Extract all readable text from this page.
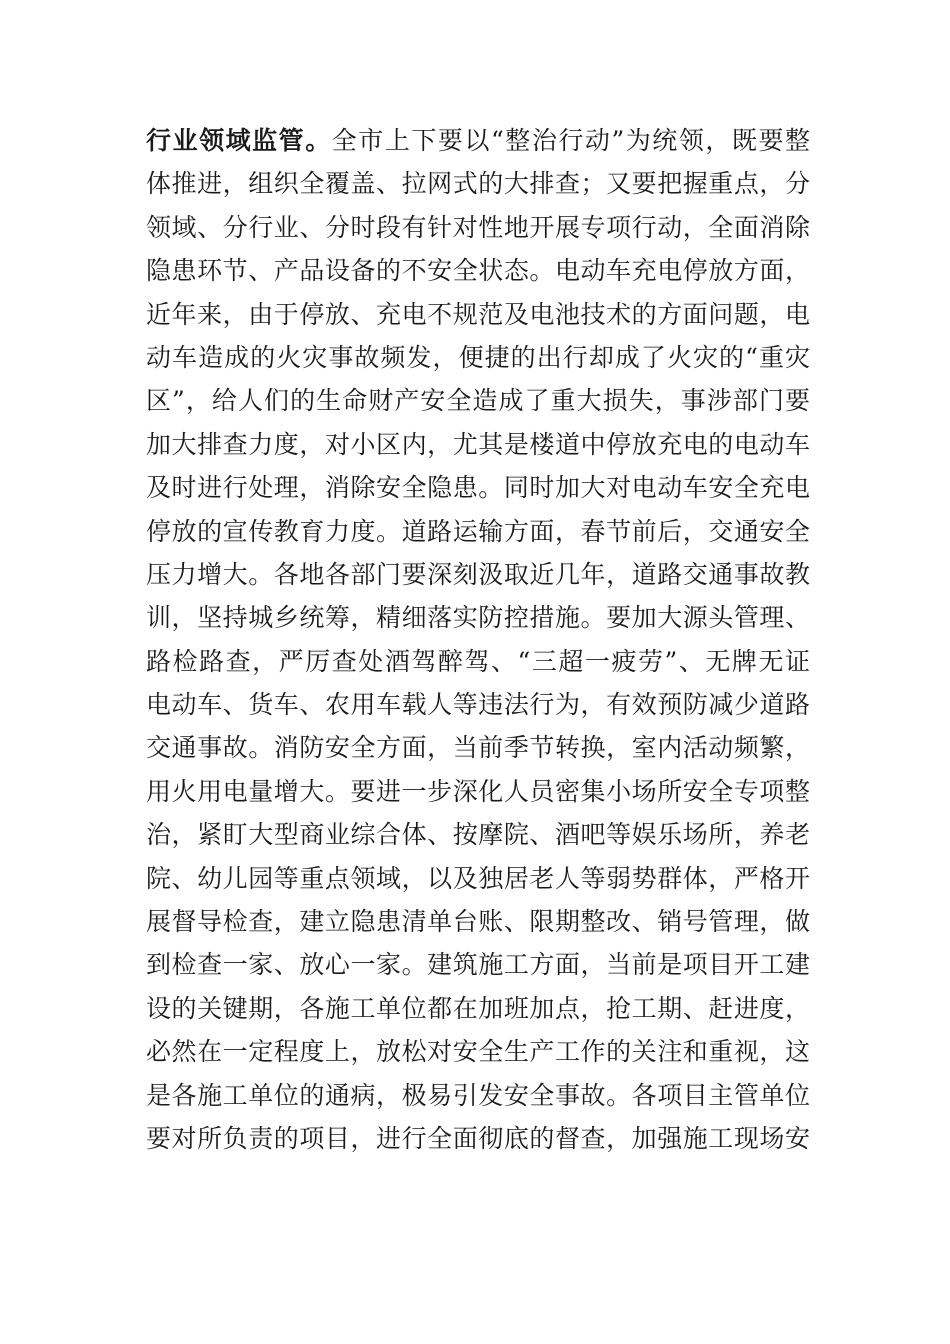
行业领域监管。全市上下要以“整治行动”为统领，既要整
体推进，组织全覆盖、拉网式的大排查；又要把握重点，分
领域、分行业、分时段有针对性地开展专项行动，全面消除
隐患环节、产品设备的不安全状态。电动车充电停放方面，
近年来，由于停放、充电不规范及电池技术的方面问题，电
动车造成的火灾事故频发，便捷的出行却成了火灾的“重灾
区”，给人们的生命财产安全造成了重大损失，事涉部门要
加大排查力度，对小区内，尤其是楼道中停放充电的电动车
及时进行处理，消除安全隐患。同时加大对电动车安全充电
停放的宣传教育力度。道路运输方面，春节前后，交通安全
压力增大。各地各部门要深刻汲取近几年，道路交通事故教
训，坚持城乡统筹，精细落实防控措施。要加大源头管理、
路检路查，严厉查处酒驾醉驾、“三超一疲劳”、无牌无证
电动车、货车、农用车载人等违法行为，有效预防减少道路
交通事故。消防安全方面，当前季节转换，室内活动频繁，
用火用电量增大。要进一步深化人员密集小场所安全专项整
治，紧盯大型商业综合体、按摩院、酒吧等娱乐场所，养老
院、幼儿园等重点领域，以及独居老人等弱势群体，严格开
展督导检查，建立隐患清单台账、限期整改、销号管理，做
到检查一家、放心一家。建筑施工方面，当前是项目开工建
设的关键期，各施工单位都在加班加点，抢工期、赶进度，
必然在一定程度上，放松对安全生产工作的关注和重视，这
是各施工单位的通病，极易引发安全事故。各项目主管单位
要对所负责的项目，进行全面彻底的督查，加强施工现场安
